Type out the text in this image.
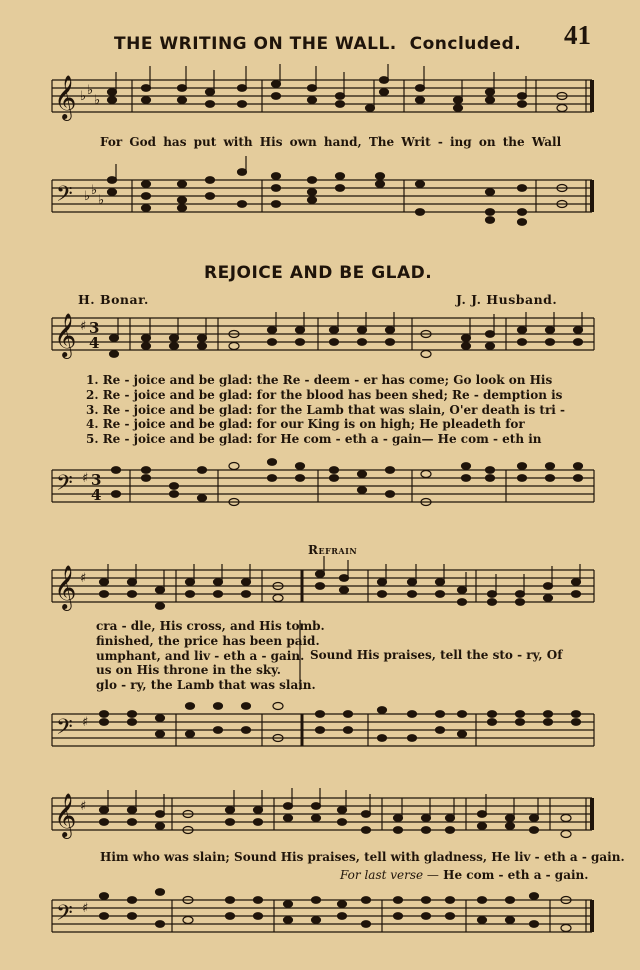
THE WRITING ON THE WALL. Concluded. 41
𝄞 ♭ ♭
♭
𝄢 ♭ ♭
♭
For God has put with His own hand, The Writ - ing on the Wall
REJOICE AND BE GLAD.
H. Bonar.	J. J. Husband.
𝄞 ♯ 3
4
𝄢 ♯ 3
4
1. Re - joice and be glad: the Re - deem - er has come; Go look on His
2. Re - joice and be glad: for the blood has been shed; Re - demption is
3. Re - joice and be glad: for the Lamb that was slain, O'er death is tri -
4. Re - joice and be glad: for our King is on high; He pleadeth for
5. Re - joice and be glad: for He com - eth a - gain— He com - eth in
Refrain
𝄞 ♯
𝄢 ♯
cra - dle, His cross, and His tomb.
finished, the price has been paid.
umphant, and liv - eth a - gain.
us on His throne in the sky.
glo - ry, the Lamb that was slain.
Sound His praises, tell the sto - ry, Of
𝄞 ♯
𝄢 ♯
Him who was slain; Sound His praises, tell with gladness, He liv - eth a - gain.
For last verse — He com - eth a - gain.
